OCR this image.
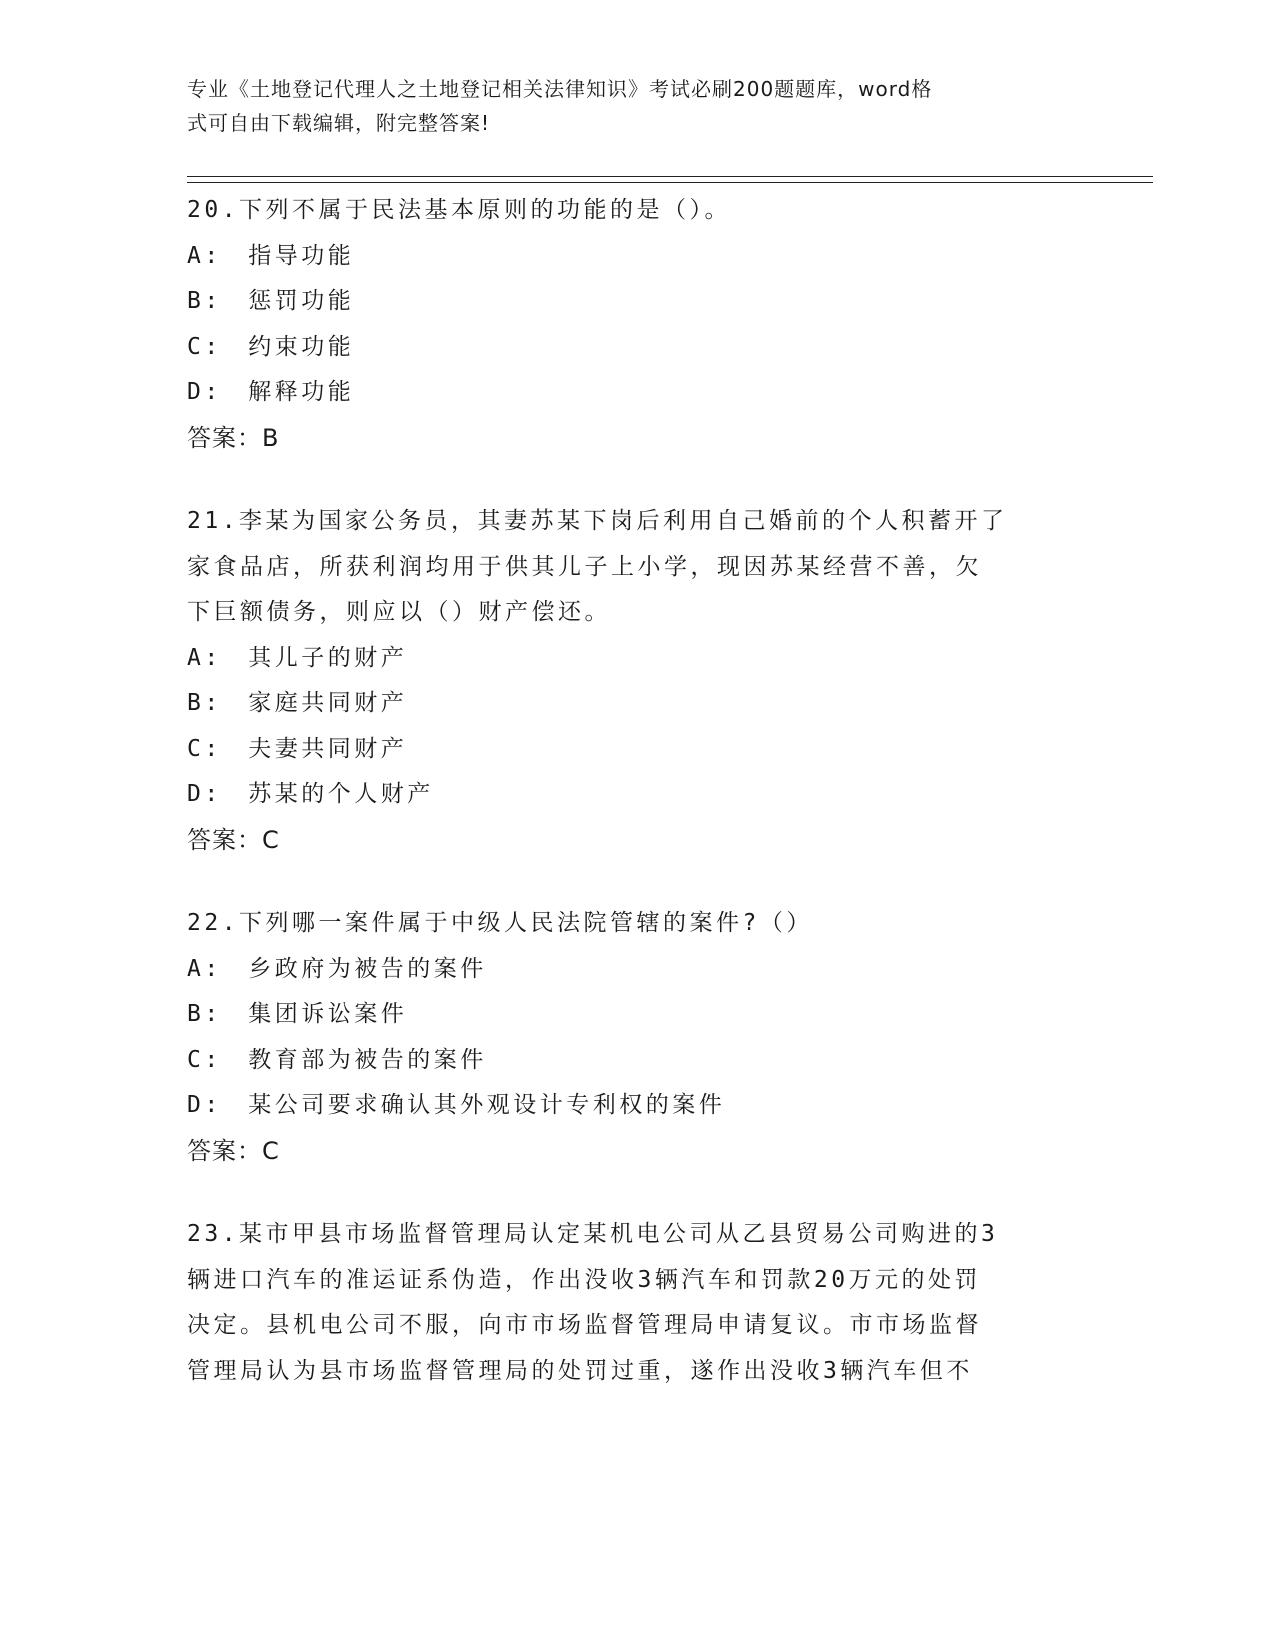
专业《土地登记代理人之土地登记相关法律知识》考试必刷200题题库，word格
式可自由下载编辑，附完整答案!
20.下列不属于民法基本原则的功能的是（）。
A:　指导功能
B:　惩罚功能
C:　约束功能
D:　解释功能
答案：B
21.李某为国家公务员，其妻苏某下岗后利用自己婚前的个人积蓄开了
家食品店，所获利润均用于供其儿子上小学，现因苏某经营不善，欠
下巨额债务，则应以（）财产偿还。
A:　其儿子的财产
B:　家庭共同财产
C:　夫妻共同财产
D:　苏某的个人财产
答案：C
22.下列哪一案件属于中级人民法院管辖的案件?（）
A:　乡政府为被告的案件
B:　集团诉讼案件
C:　教育部为被告的案件
D:　某公司要求确认其外观设计专利权的案件
答案：C
23.某市甲县市场监督管理局认定某机电公司从乙县贸易公司购进的3
辆进口汽车的准运证系伪造，作出没收3辆汽车和罚款20万元的处罚
决定。县机电公司不服，向市市场监督管理局申请复议。市市场监督
管理局认为县市场监督管理局的处罚过重，遂作出没收3辆汽车但不
